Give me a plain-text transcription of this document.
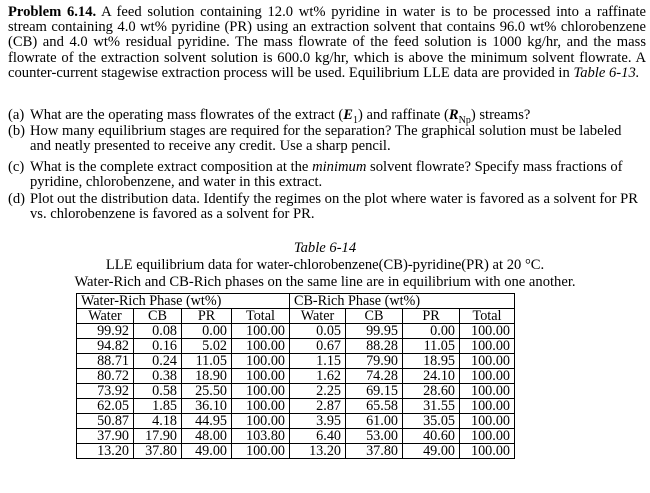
Problem 6.14. A feed solution containing 12.0 wt% pyridine in water is to be processed into a raffinate stream containing 4.0 wt% pyridine (PR) using an extraction solvent that contains 96.0 wt% chlorobenzene (CB) and 4.0 wt% residual pyridine. The mass flowrate of the feed solution is 1000 kg/hr, and the mass flowrate of the extraction solvent solution is 600.0 kg/hr, which is above the minimum solvent flowrate. A counter-current stagewise extraction process will be used. Equilibrium LLE data are provided in Table 6-13.
(a) What are the operating mass flowrates of the extract $(E_1)$ and raffinate $(R_{Np})$ streams?
(b) How many equilibrium stages are required for the separation? The graphical solution must be labeled and neatly presented to receive any credit. Use a sharp pencil.
(c) What is the complete extract composition at the minimum solvent flowrate? Specify mass fractions of pyridine, chlorobenzene, and water in this extract.
(d) Plot out the distribution data. Identify the regimes on the plot where water is favored as a solvent for PR vs. chlorobenzene is favored as a solvent for PR.
Table 6-14
LLE equilibrium data for water-chlorobenzene(CB)-pyridine(PR) at 20 °C.
Water-Rich and CB-Rich phases on the same line are in equilibrium with one another.
Water-Rich Phase (wt%)				CB-Rich Phase (wt%)			
Water	CB	PR	Total	Water	CB	PR	Total
99.92	0.08	0.00	100.00	0.05	99.95	0.00	100.00
94.82	0.16	5.02	100.00	0.67	88.28	11.05	100.00
88.71	0.24	11.05	100.00	1.15	79.90	18.95	100.00
80.72	0.38	18.90	100.00	1.62	74.28	24.10	100.00
73.92	0.58	25.50	100.00	2.25	69.15	28.60	100.00
62.05	1.85	36.10	100.00	2.87	65.58	31.55	100.00
50.87	4.18	44.95	100.00	3.95	61.00	35.05	100.00
37.90	17.90	48.00	103.80	6.40	53.00	40.60	100.00
13.20	37.80	49.00	100.00	13.20	37.80	49.00	100.00
